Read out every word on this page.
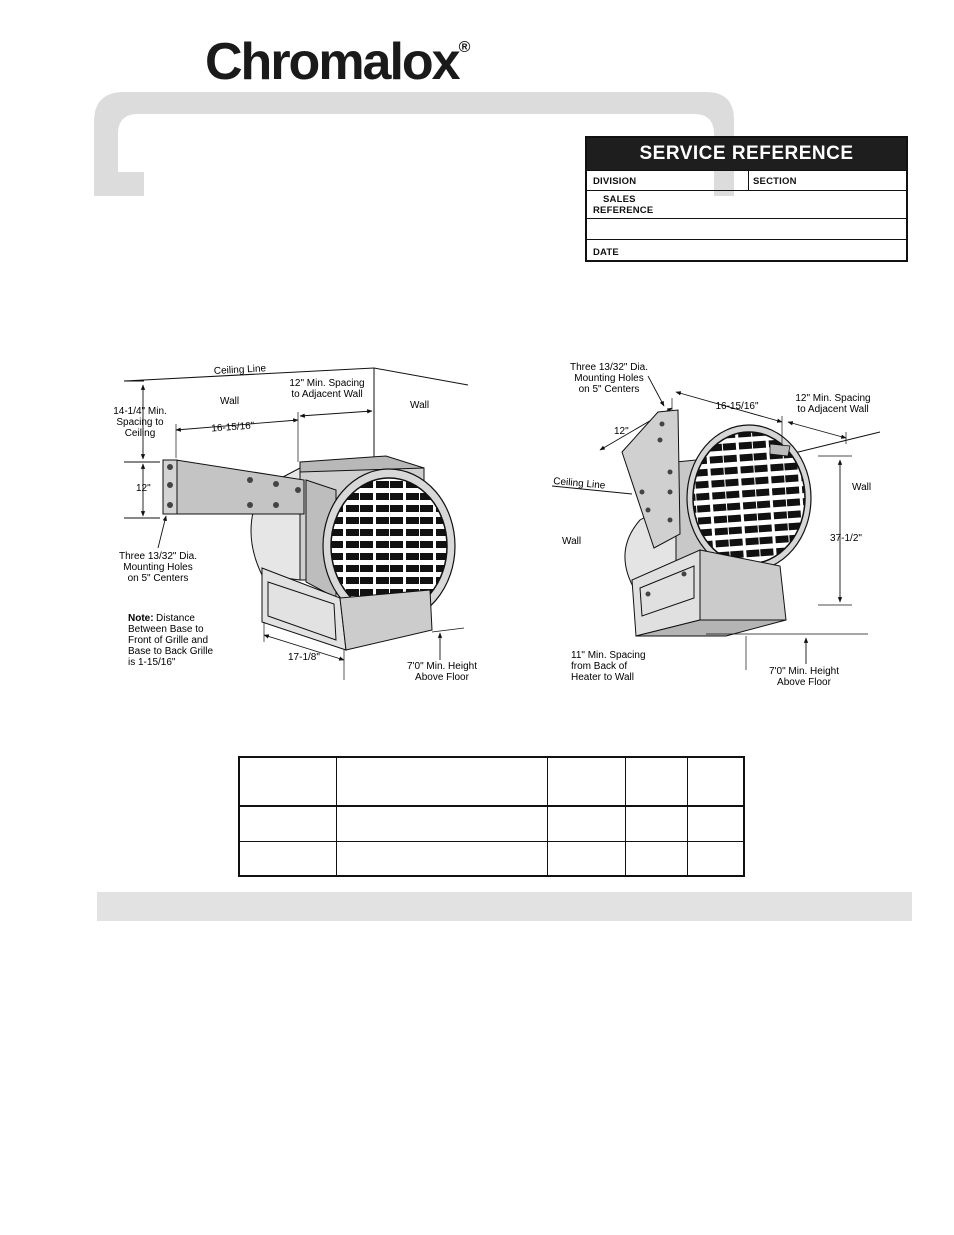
Chromalox®
SERVICE REFERENCE
DIVISION	SECTION
SALES
REFERENCE
DATE
Ceiling Line
12" Min. Spacing
to Adjacent Wall
Wall	Wall
14-1/4" Min.
Spacing to
Ceiling	16-15/16"
12"
Three 13/32" Dia.
Mounting Holes
on 5" Centers
Note: Distance
Between Base to
Front of Grille and
Base to Back Grille
is 1-15/16"	17-1/8"
7'0" Min. Height
Above Floor
Three 13/32" Dia.
Mounting Holes
on 5" Centers
12"
16-15/16"
12" Min. Spacing
to Adjacent Wall
Ceiling Line	Wall
Wall	37-1/2"
11" Min. Spacing
from Back of
Heater to Wall
7'0" Min. Height
Above Floor
